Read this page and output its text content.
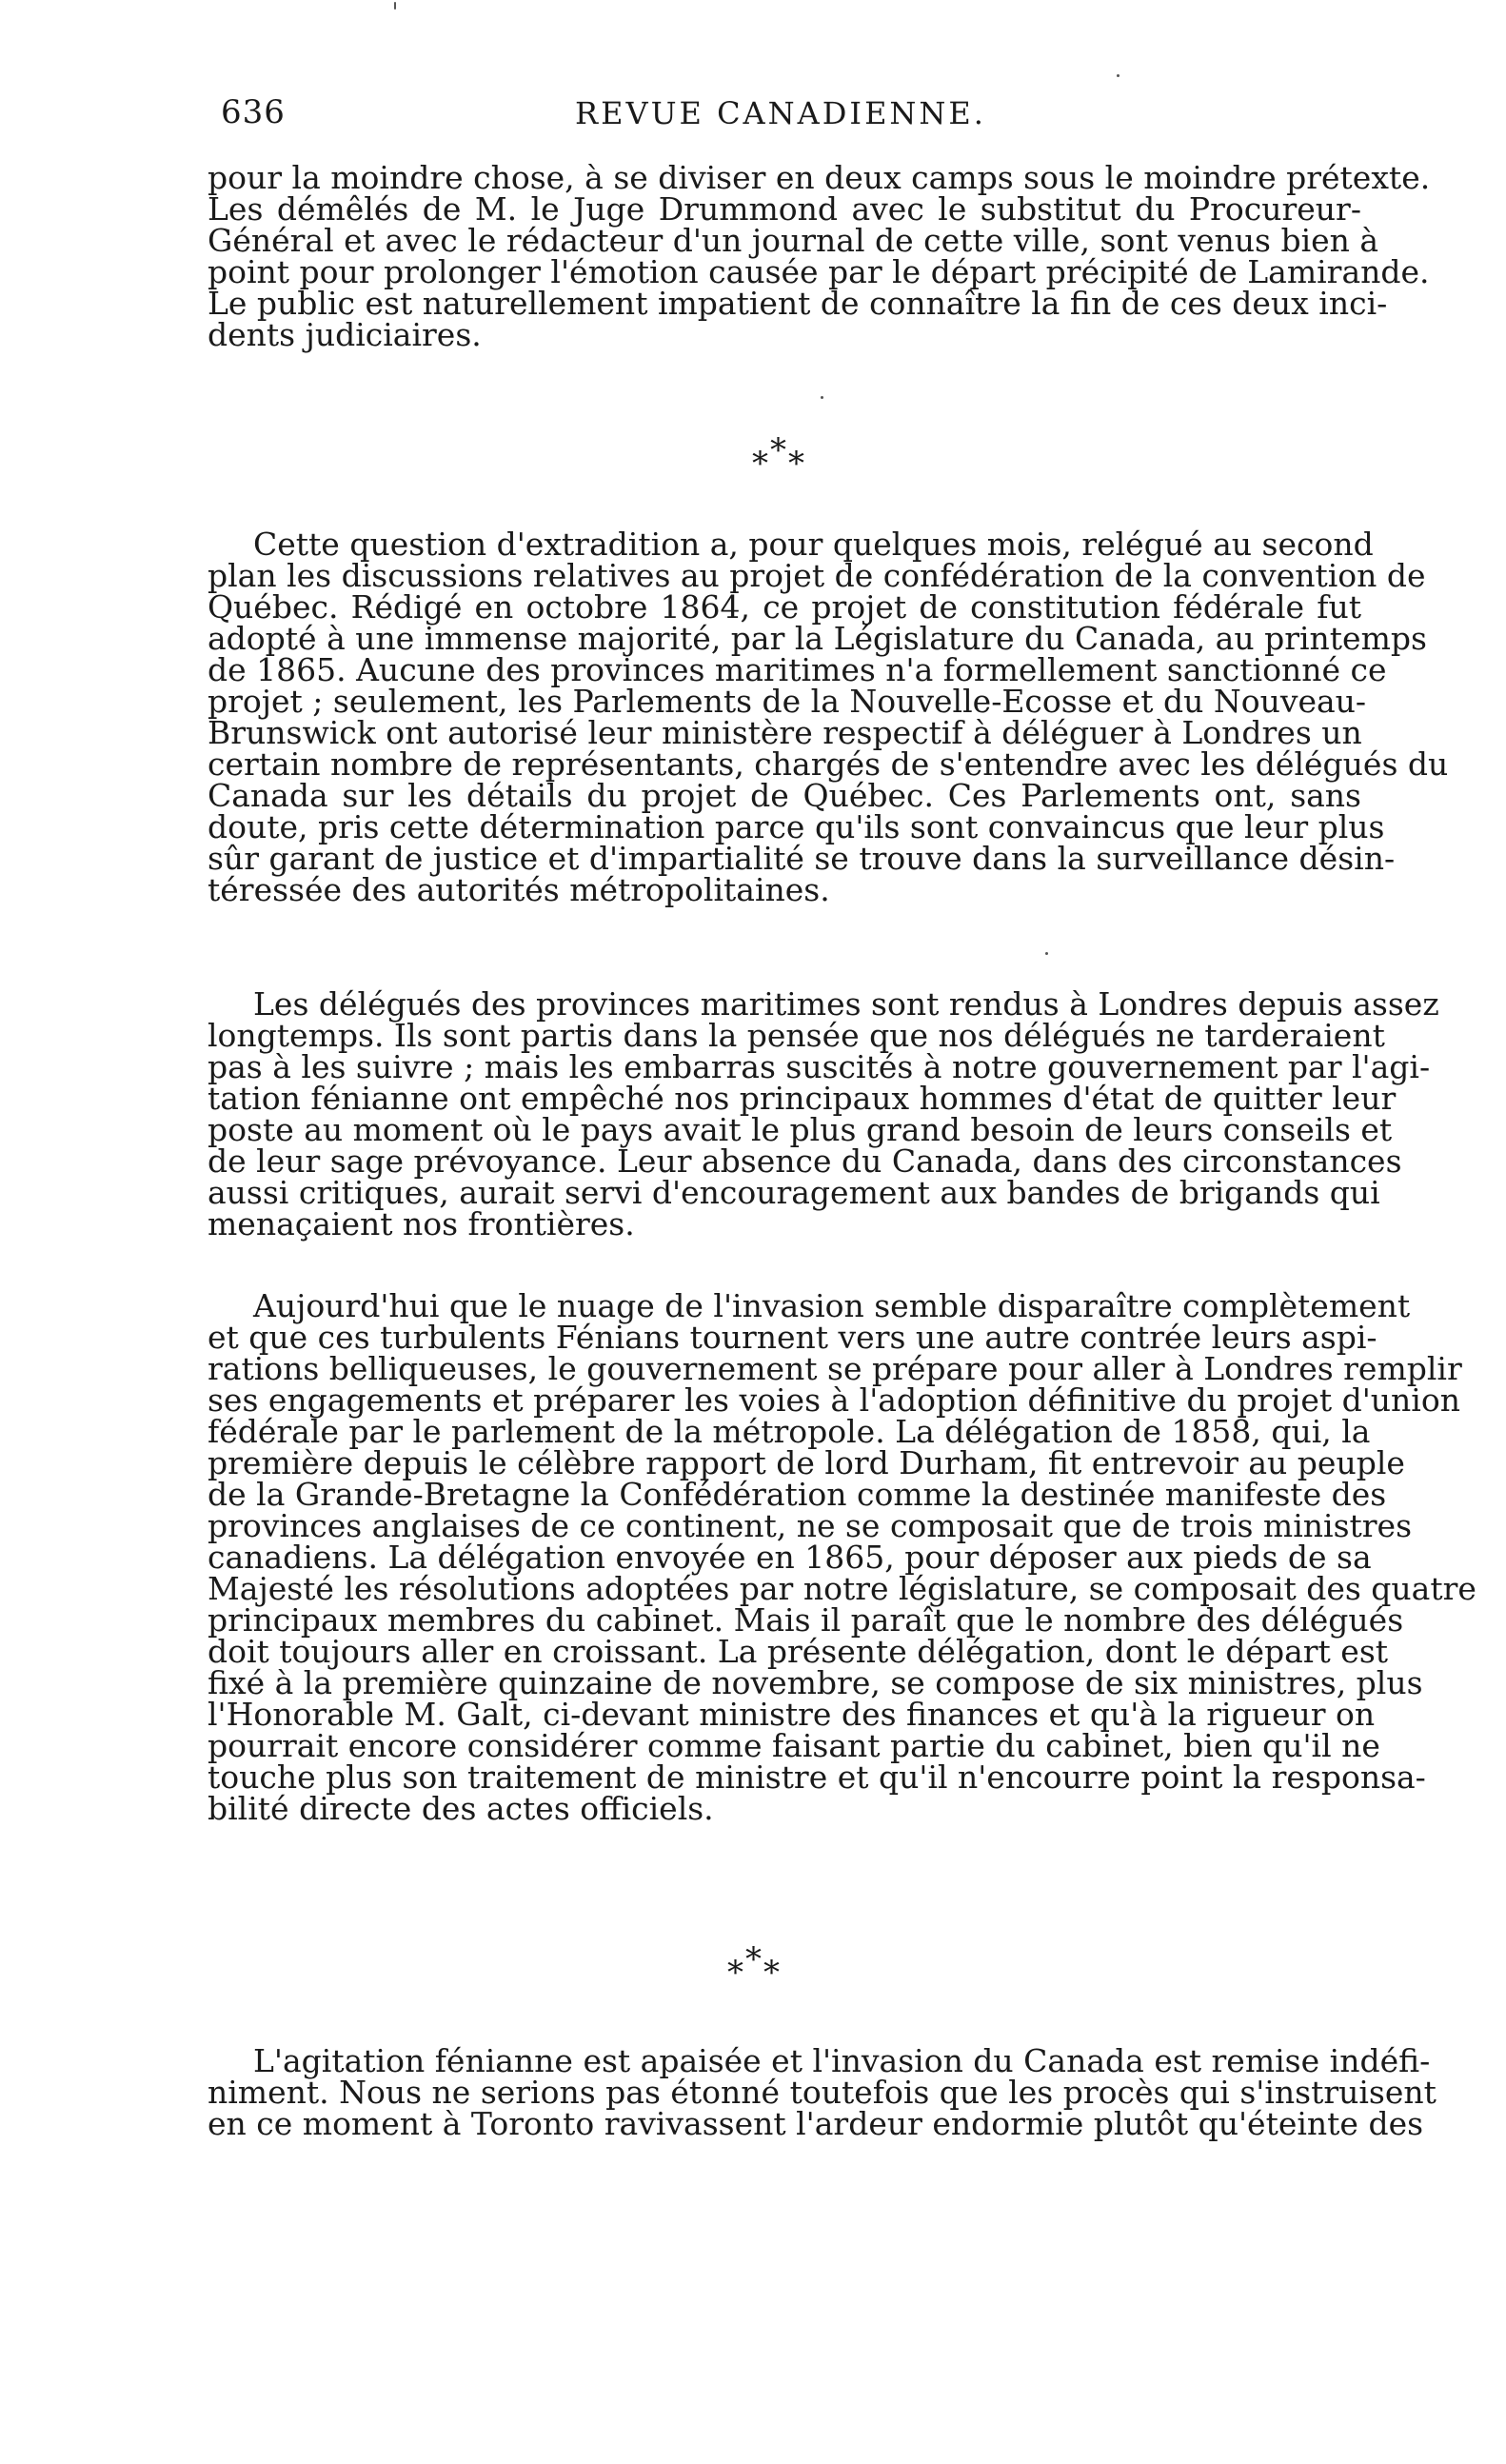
636	REVUE CANADIENNE.
pour la moindre chose, à se diviser en deux camps sous le moindre prétexte.
Les démêlés de M. le Juge Drummond avec le substitut du Procureur-
Général et avec le rédacteur d'un journal de cette ville, sont venus bien à
point pour prolonger l'émotion causée par le départ précipité de Lamirande.
Le public est naturellement impatient de connaître la fin de ces deux inci-
dents judiciaires.
***
Cette question d'extradition a, pour quelques mois, relégué au second
plan les discussions relatives au projet de confédération de la convention de
Québec. Rédigé en octobre 1864, ce projet de constitution fédérale fut
adopté à une immense majorité, par la Législature du Canada, au printemps
de 1865. Aucune des provinces maritimes n'a formellement sanctionné ce
projet ; seulement, les Parlements de la Nouvelle-Ecosse et du Nouveau-
Brunswick ont autorisé leur ministère respectif à déléguer à Londres un
certain nombre de représentants, chargés de s'entendre avec les délégués du
Canada sur les détails du projet de Québec. Ces Parlements ont, sans
doute, pris cette détermination parce qu'ils sont convaincus que leur plus
sûr garant de justice et d'impartialité se trouve dans la surveillance désin-
téressée des autorités métropolitaines.
Les délégués des provinces maritimes sont rendus à Londres depuis assez
longtemps. Ils sont partis dans la pensée que nos délégués ne tarderaient
pas à les suivre ; mais les embarras suscités à notre gouvernement par l'agi-
tation fénianne ont empêché nos principaux hommes d'état de quitter leur
poste au moment où le pays avait le plus grand besoin de leurs conseils et
de leur sage prévoyance. Leur absence du Canada, dans des circonstances
aussi critiques, aurait servi d'encouragement aux bandes de brigands qui
menaçaient nos frontières.
Aujourd'hui que le nuage de l'invasion semble disparaître complètement
et que ces turbulents Fénians tournent vers une autre contrée leurs aspi-
rations belliqueuses, le gouvernement se prépare pour aller à Londres remplir
ses engagements et préparer les voies à l'adoption définitive du projet d'union
fédérale par le parlement de la métropole. La délégation de 1858, qui, la
première depuis le célèbre rapport de lord Durham, fit entrevoir au peuple
de la Grande-Bretagne la Confédération comme la destinée manifeste des
provinces anglaises de ce continent, ne se composait que de trois ministres
canadiens. La délégation envoyée en 1865, pour déposer aux pieds de sa
Majesté les résolutions adoptées par notre législature, se composait des quatre
principaux membres du cabinet. Mais il paraît que le nombre des délégués
doit toujours aller en croissant. La présente délégation, dont le départ est
fixé à la première quinzaine de novembre, se compose de six ministres, plus
l'Honorable M. Galt, ci-devant ministre des finances et qu'à la rigueur on
pourrait encore considérer comme faisant partie du cabinet, bien qu'il ne
touche plus son traitement de ministre et qu'il n'encourre point la responsa-
bilité directe des actes officiels.
***
L'agitation fénianne est apaisée et l'invasion du Canada est remise indéfi-
niment. Nous ne serions pas étonné toutefois que les procès qui s'instruisent
en ce moment à Toronto ravivassent l'ardeur endormie plutôt qu'éteinte des
